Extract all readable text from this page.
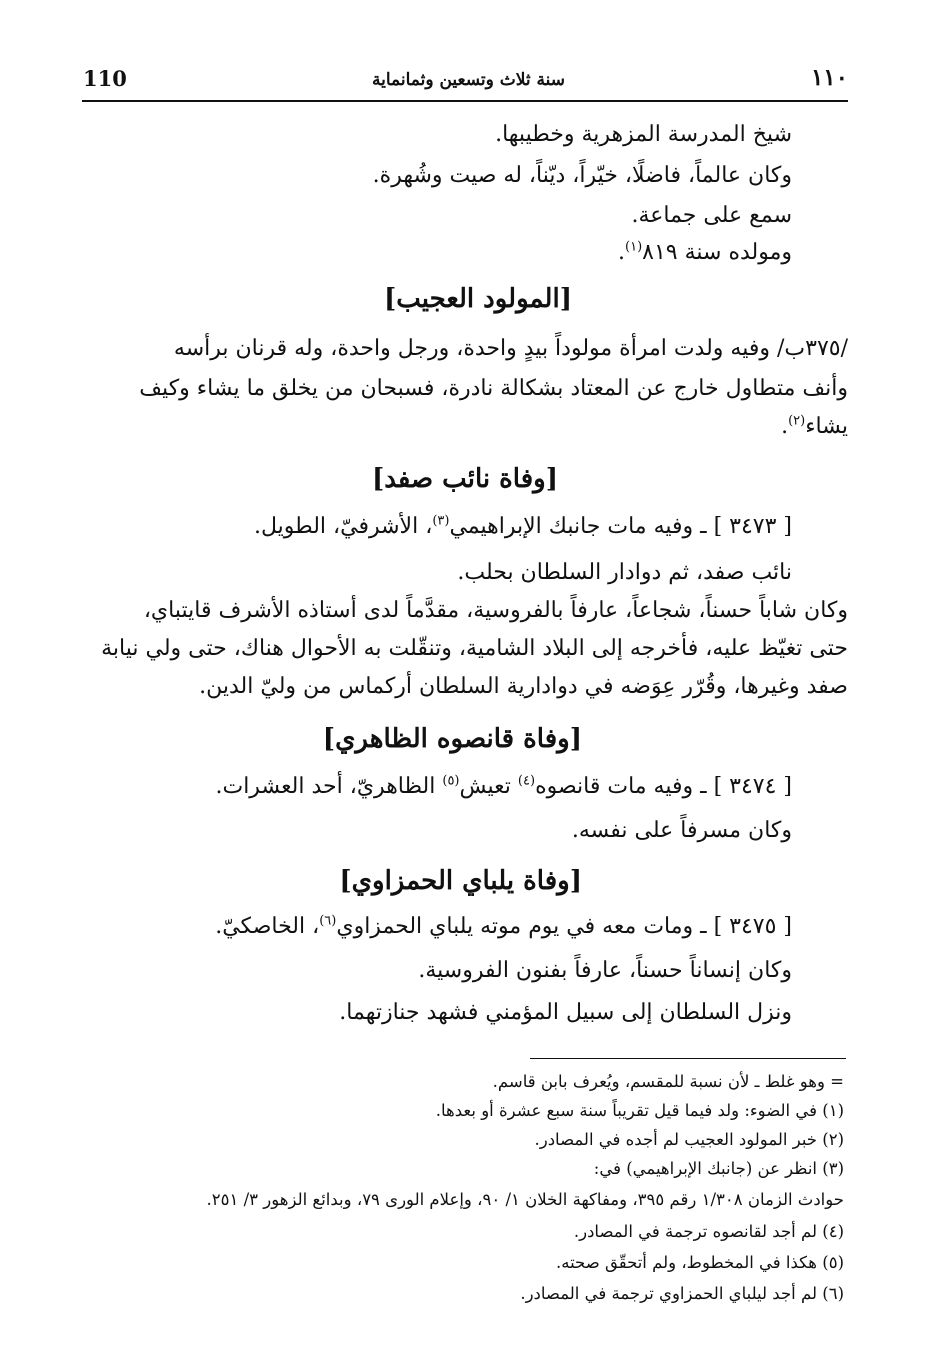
110	سنة ثلاث وتسعين وثمانماية	١١٠
شيخ المدرسة المزهرية وخطيبها.
وكان عالماً، فاضلًا، خيّراً، ديّناً، له صيت وشُهرة.
سمع على جماعة.
ومولده سنة ٨١٩$^{(١)}$.
[المولود العجيب]
/٣٧٥ب/ وفيه ولدت امرأة مولوداً بيدٍ واحدة، ورجل واحدة، وله قرنان برأسه
وأنف متطاول خارج عن المعتاد بشكالة نادرة، فسبحان من يخلق ما يشاء وكيف
يشاء$^{(٢)}$.
[وفاة نائب صفد]
[ ٣٤٧٣ ] ـ وفيه مات جانبك الإبراهيمي$^{(٣)}$، الأشرفيّ، الطويل.
نائب صفد، ثم دوادار السلطان بحلب.
وكان شاباً حسناً، شجاعاً، عارفاً بالفروسية، مقدَّماً لدى أستاذه الأشرف قايتباي،
حتى تغيّظ عليه، فأخرجه إلى البلاد الشامية، وتنقّلت به الأحوال هناك، حتى ولي نيابة
صفد وغيرها، وقُرّر عِوَضه في دوادارية السلطان أركماس من وليّ الدين.
[وفاة قانصوه الظاهري]
[ ٣٤٧٤ ] ـ وفيه مات قانصوه$^{(٤)}$ تعيش$^{(٥)}$ الظاهريّ، أحد العشرات.
وكان مسرفاً على نفسه.
[وفاة يلباي الحمزاوي]
[ ٣٤٧٥ ] ـ ومات معه في يوم موته يلباي الحمزاوي$^{(٦)}$، الخاصكيّ.
وكان إنساناً حسناً، عارفاً بفنون الفروسية.
ونزل السلطان إلى سبيل المؤمني فشهد جنازتهما.
= وهو غلط ـ لأن نسبة للمقسم، ويُعرف بابن قاسم.
(١) في الضوء: ولد فيما قيل تقريباً سنة سبع عشرة أو بعدها.
(٢) خبر المولود العجيب لم أجده في المصادر.
(٣) انظر عن (جانبك الإبراهيمي) في:
حوادث الزمان ١/٣٠٨ رقم ٣٩٥، ومفاكهة الخلان ١/ ٩٠، وإعلام الورى ٧٩، وبدائع الزهور ٣/ ٢٥١.
(٤) لم أجد لقانصوه ترجمة في المصادر.
(٥) هكذا في المخطوط، ولم أتحقّق صحته.
(٦) لم أجد ليلباي الحمزاوي ترجمة في المصادر.
